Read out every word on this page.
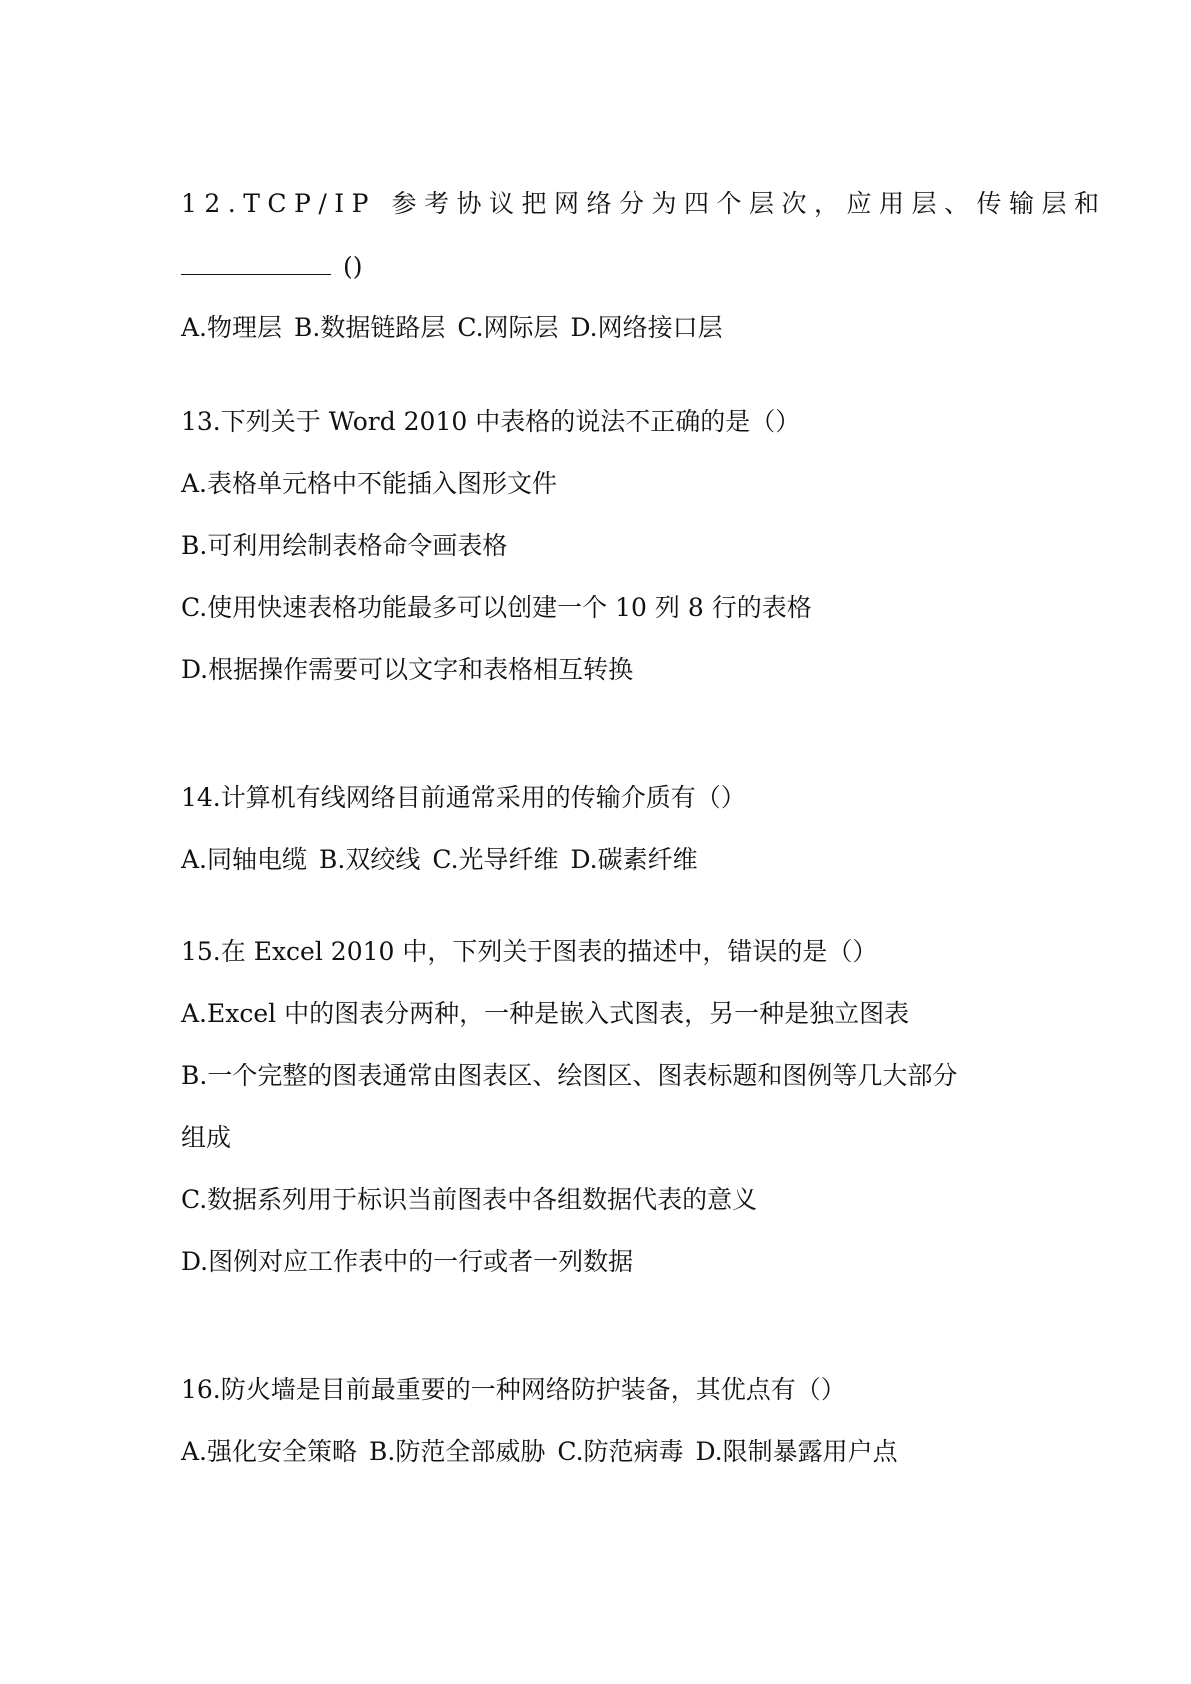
12.TCP/IP 参考协议把网络分为四个层次，应用层、传输层和
()
A.物理层 B.数据链路层 C.网际层 D.网络接口层
13.下列关于 Word 2010 中表格的说法不正确的是（）
A.表格单元格中不能插入图形文件
B.可利用绘制表格命令画表格
C.使用快速表格功能最多可以创建一个 10 列 8 行的表格
D.根据操作需要可以文字和表格相互转换
14.计算机有线网络目前通常采用的传输介质有（）
A.同轴电缆 B.双绞线 C.光导纤维 D.碳素纤维
15.在 Excel 2010 中，下列关于图表的描述中，错误的是（）
A.Excel 中的图表分两种，一种是嵌入式图表，另一种是独立图表
B.一个完整的图表通常由图表区、绘图区、图表标题和图例等几大部分
组成
C.数据系列用于标识当前图表中各组数据代表的意义
D.图例对应工作表中的一行或者一列数据
16.防火墙是目前最重要的一种网络防护装备，其优点有（）
A.强化安全策略 B.防范全部威胁 C.防范病毒 D.限制暴露用户点
